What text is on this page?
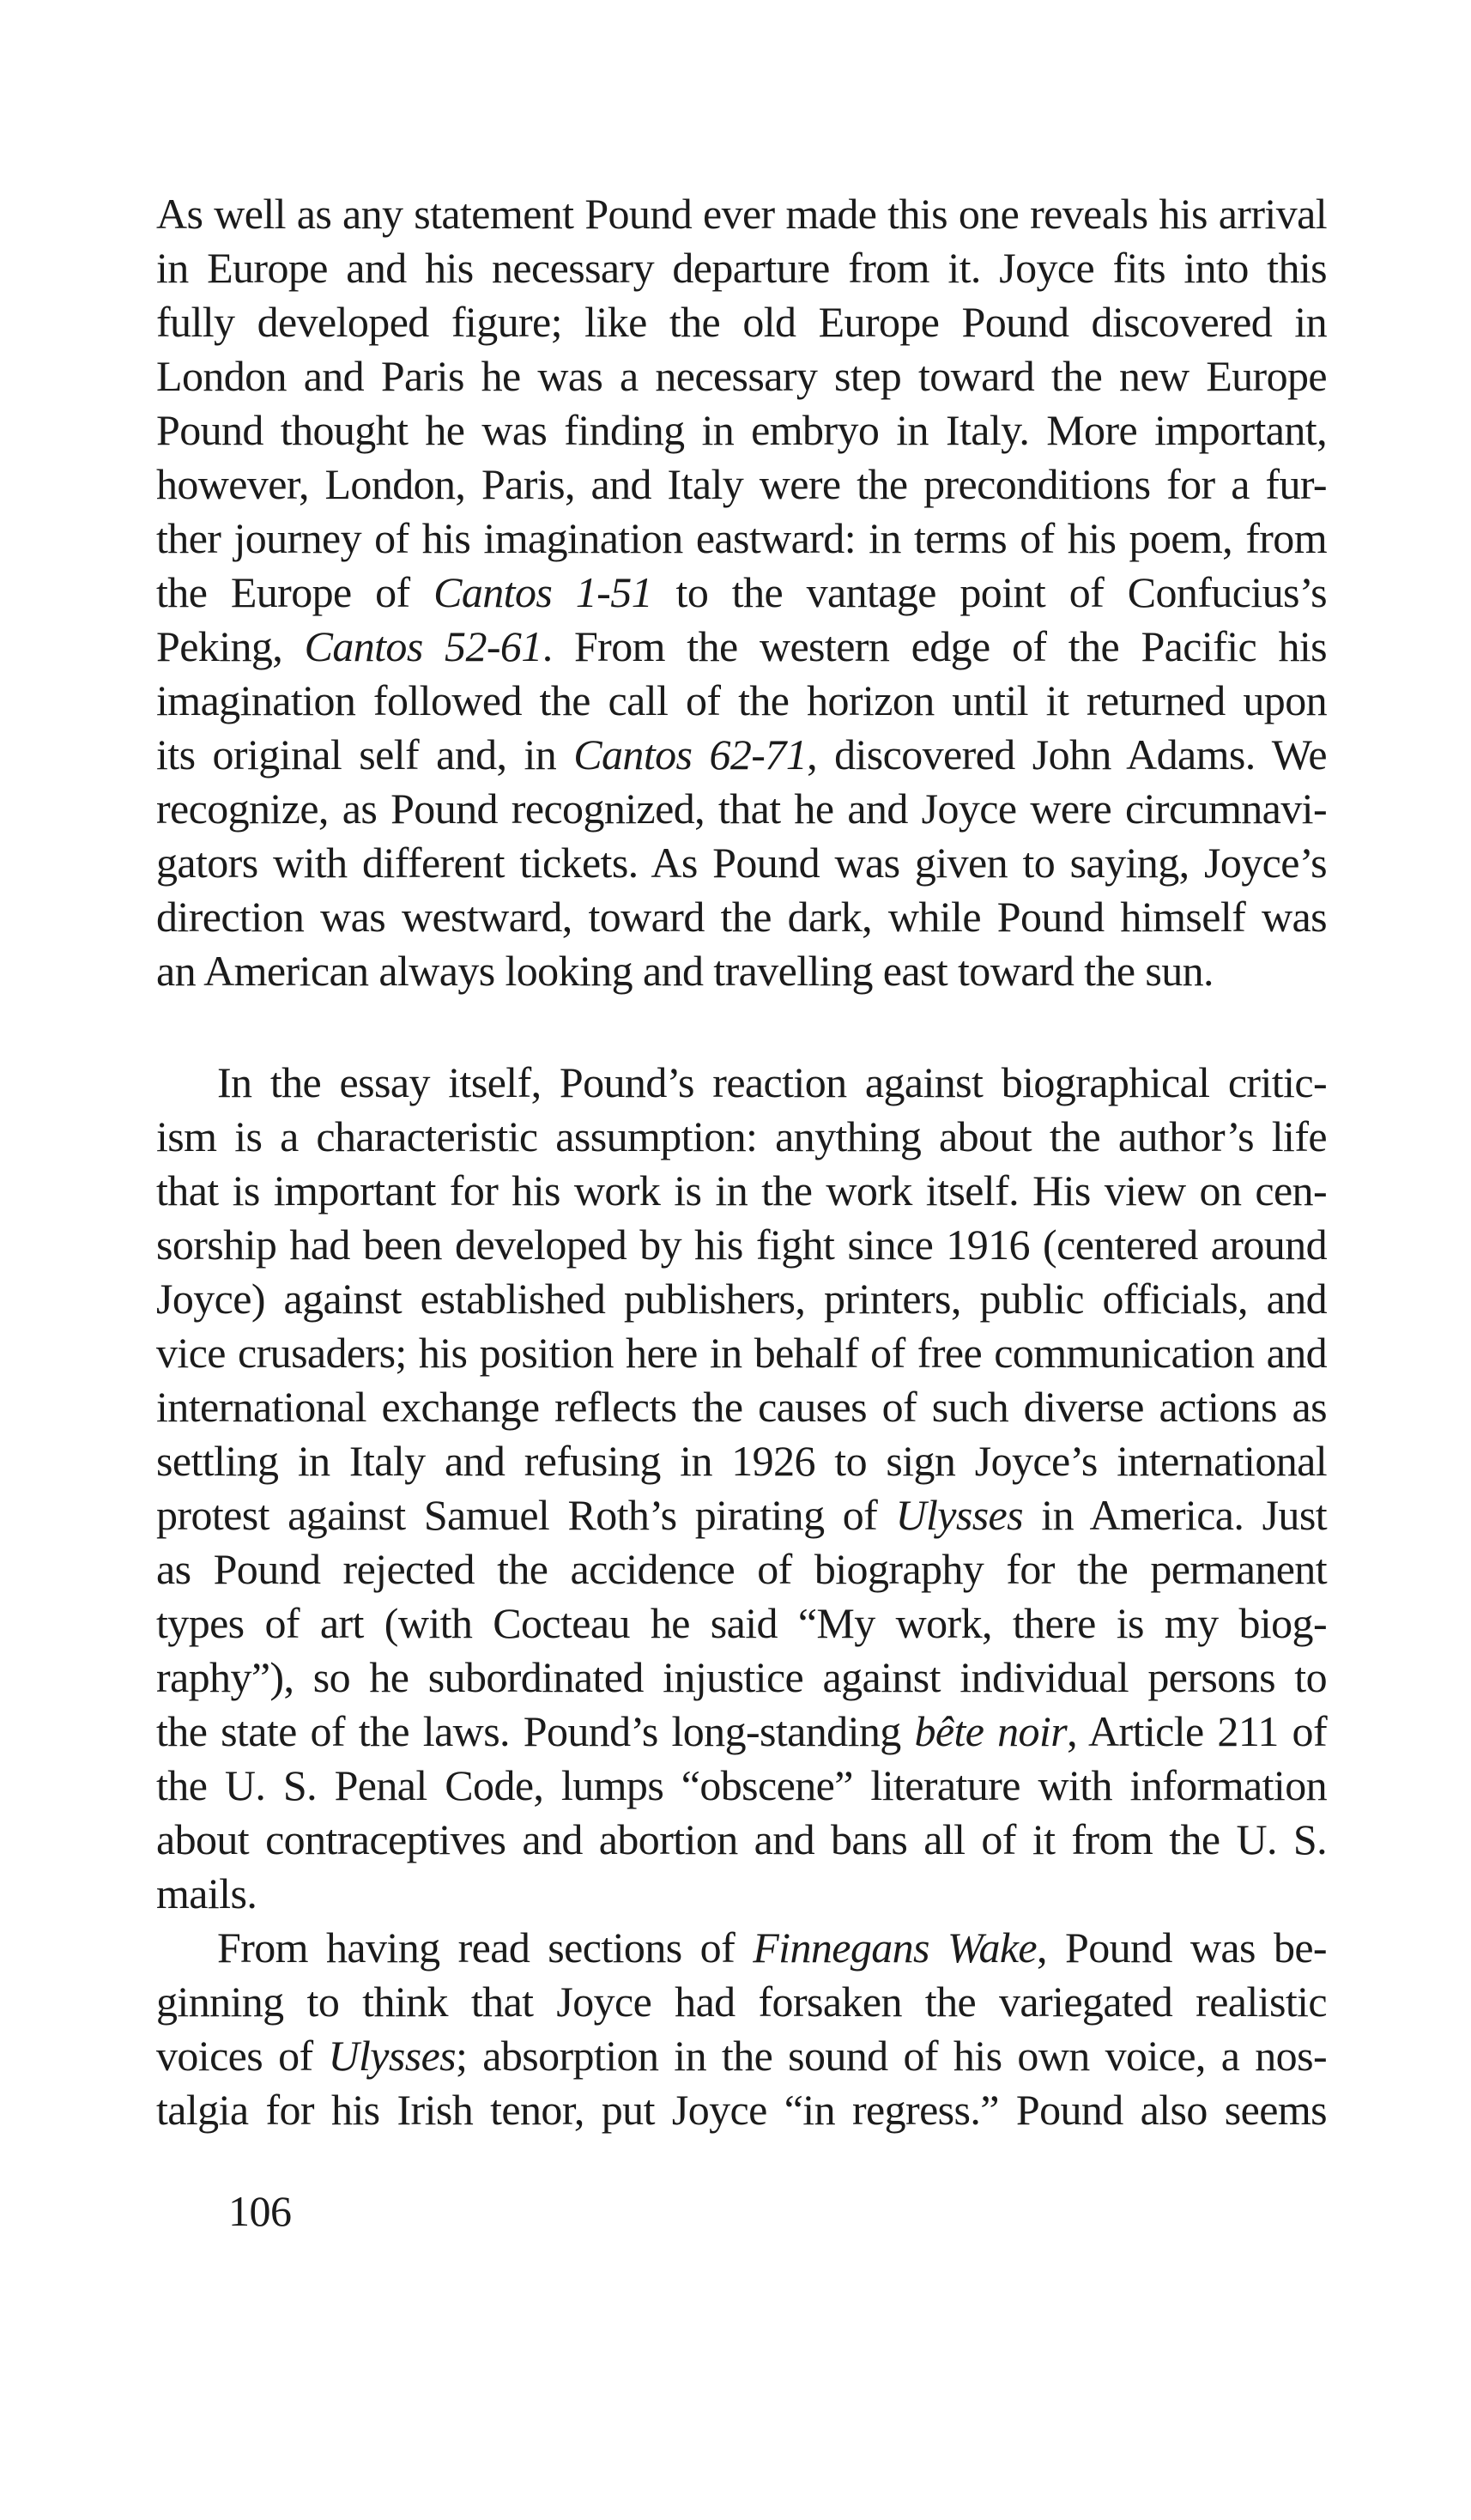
As well as any statement Pound ever made this one reveals his arrival
in Europe and his necessary departure from it. Joyce fits into this
fully developed figure; like the old Europe Pound discovered in
London and Paris he was a necessary step toward the new Europe
Pound thought he was finding in embryo in Italy. More important,
however, London, Paris, and Italy were the preconditions for a fur-
ther journey of his imagination eastward: in terms of his poem, from
the Europe of Cantos 1-51 to the vantage point of Confucius’s
Peking, Cantos 52-61. From the western edge of the Pacific his
imagination followed the call of the horizon until it returned upon
its original self and, in Cantos 62-71, discovered John Adams. We
recognize, as Pound recognized, that he and Joyce were circumnavi-
gators with different tickets. As Pound was given to saying, Joyce’s
direction was westward, toward the dark, while Pound himself was
an American always looking and travelling east toward the sun.
In the essay itself, Pound’s reaction against biographical critic-
ism is a characteristic assumption: anything about the author’s life
that is important for his work is in the work itself. His view on cen-
sorship had been developed by his fight since 1916 (centered around
Joyce) against established publishers, printers, public officials, and
vice crusaders; his position here in behalf of free communication and
international exchange reflects the causes of such diverse actions as
settling in Italy and refusing in 1926 to sign Joyce’s international
protest against Samuel Roth’s pirating of Ulysses in America. Just
as Pound rejected the accidence of biography for the permanent
types of art (with Cocteau he said “My work, there is my biog-
raphy”), so he subordinated injustice against individual persons to
the state of the laws. Pound’s long-standing bête noir, Article 211 of
the U. S. Penal Code, lumps “obscene” literature with information
about contraceptives and abortion and bans all of it from the U. S.
mails.
From having read sections of Finnegans Wake, Pound was be-
ginning to think that Joyce had forsaken the variegated realistic
voices of Ulysses; absorption in the sound of his own voice, a nos-
talgia for his Irish tenor, put Joyce “in regress.” Pound also seems
106
